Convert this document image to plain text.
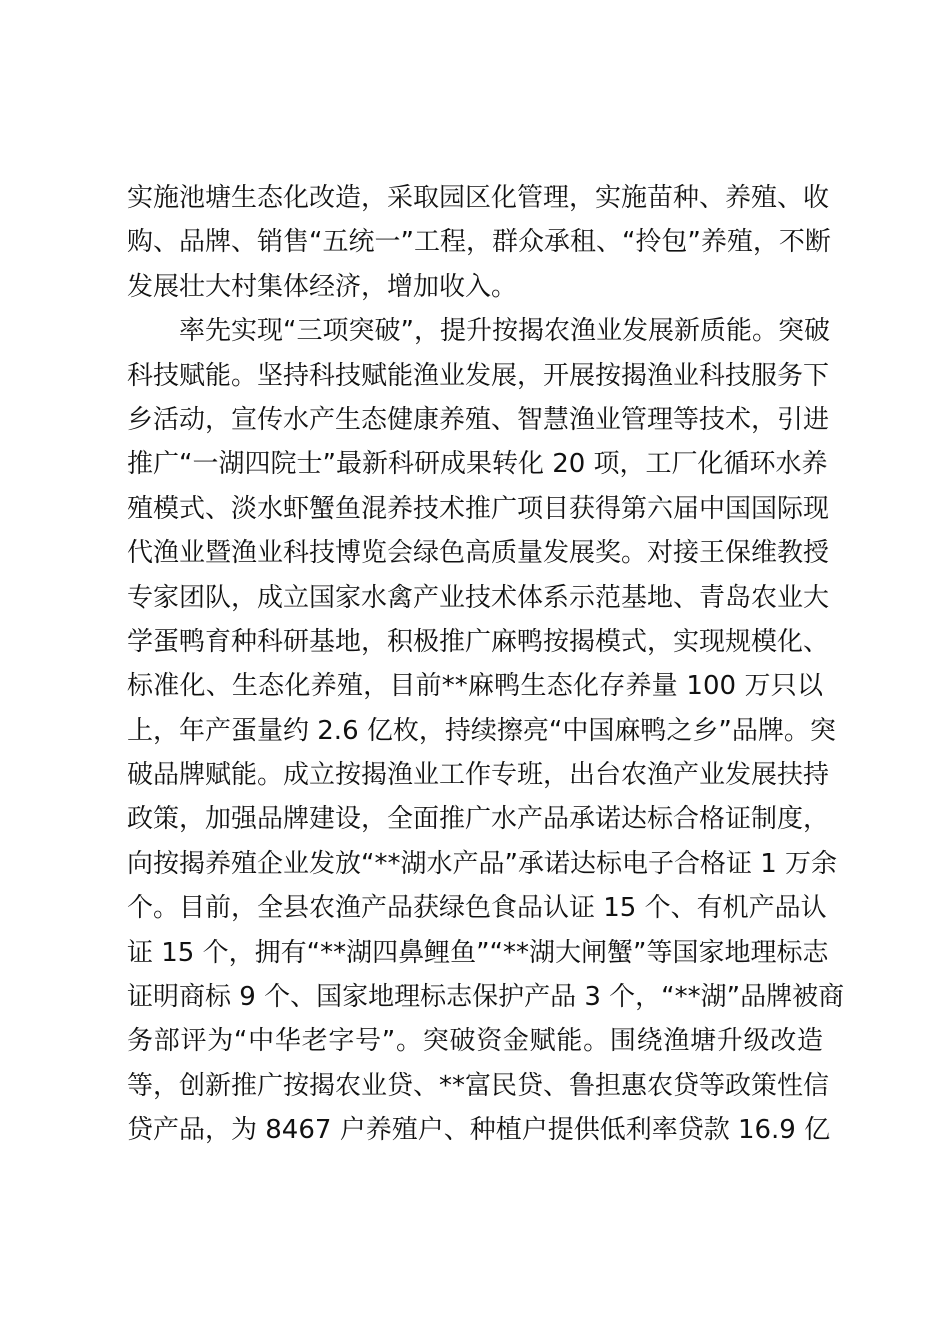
实施池塘生态化改造，采取园区化管理，实施苗种、养殖、收
购、品牌、销售“五统一”工程，群众承租、“拎包”养殖，不断
发展壮大村集体经济，增加收入。
率先实现“三项突破”，提升按揭农渔业发展新质能。突破
科技赋能。坚持科技赋能渔业发展，开展按揭渔业科技服务下
乡活动，宣传水产生态健康养殖、智慧渔业管理等技术，引进
推广“一湖四院士”最新科研成果转化 20 项，工厂化循环水养
殖模式、淡水虾蟹鱼混养技术推广项目获得第六届中国国际现
代渔业暨渔业科技博览会绿色高质量发展奖。对接王保维教授
专家团队，成立国家水禽产业技术体系示范基地、青岛农业大
学蛋鸭育种科研基地，积极推广麻鸭按揭模式，实现规模化、
标准化、生态化养殖，目前**麻鸭生态化存养量 100 万只以
上，年产蛋量约 2.6 亿枚，持续擦亮“中国麻鸭之乡”品牌。突
破品牌赋能。成立按揭渔业工作专班，出台农渔产业发展扶持
政策，加强品牌建设，全面推广水产品承诺达标合格证制度，
向按揭养殖企业发放“**湖水产品”承诺达标电子合格证 1 万余
个。目前，全县农渔产品获绿色食品认证 15 个、有机产品认
证 15 个，拥有“**湖四鼻鲤鱼”“**湖大闸蟹”等国家地理标志
证明商标 9 个、国家地理标志保护产品 3 个，“**湖”品牌被商
务部评为“中华老字号”。突破资金赋能。围绕渔塘升级改造
等，创新推广按揭农业贷、**富民贷、鲁担惠农贷等政策性信
贷产品，为 8467 户养殖户、种植户提供低利率贷款 16.9 亿
